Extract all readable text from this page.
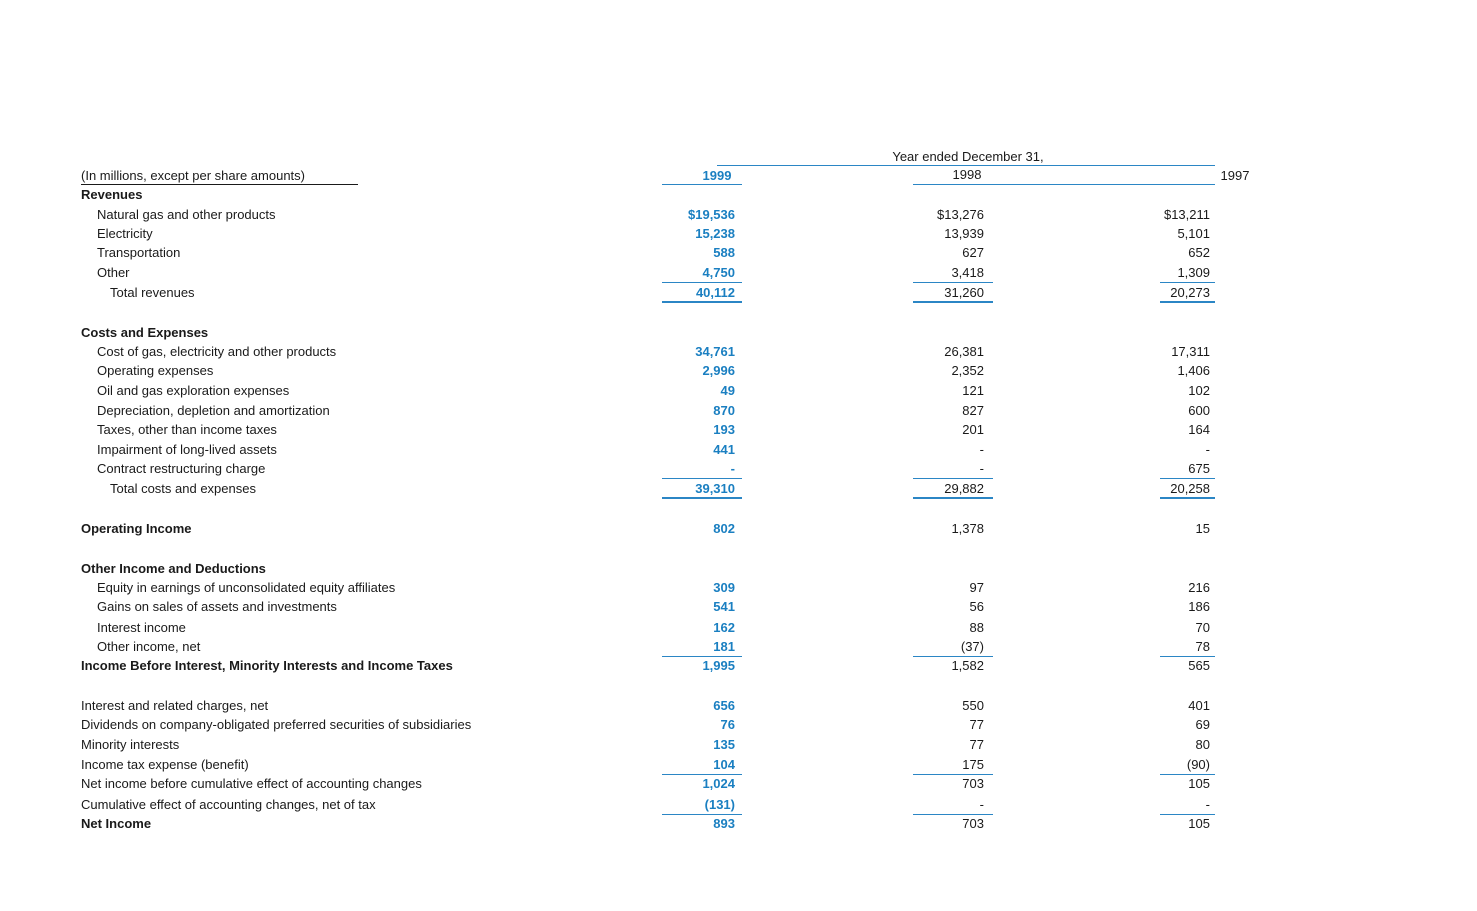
(In millions, except per share amounts)
Year ended December 31,
1999	1998	1997
Revenues
Natural gas and other products	$19,536	$13,276	$13,211
Electricity	15,238	13,939	5,101
Transportation	588	627	652
Other	4,750	3,418	1,309
Total revenues	40,112	31,260	20,273
Costs and Expenses
Cost of gas, electricity and other products	34,761	26,381	17,311
Operating expenses	2,996	2,352	1,406
Oil and gas exploration expenses	49	121	102
Depreciation, depletion and amortization	870	827	600
Taxes, other than income taxes	193	201	164
Impairment of long-lived assets	441	-	-
Contract restructuring charge	-	-	675
Total costs and expenses	39,310	29,882	20,258
Operating Income	802	1,378	15
Other Income and Deductions
Equity in earnings of unconsolidated equity affiliates	309	97	216
Gains on sales of assets and investments	541	56	186
Interest income	162	88	70
Other income, net	181	(37)	78
Income Before Interest, Minority Interests and Income Taxes	1,995	1,582	565
Interest and related charges, net	656	550	401
Dividends on company-obligated preferred securities of subsidiaries	76	77	69
Minority interests	135	77	80
Income tax expense (benefit)	104	175	(90)
Net income before cumulative effect of accounting changes	1,024	703	105
Cumulative effect of accounting changes, net of tax	(131)	-	-
Net Income	893	703	105
